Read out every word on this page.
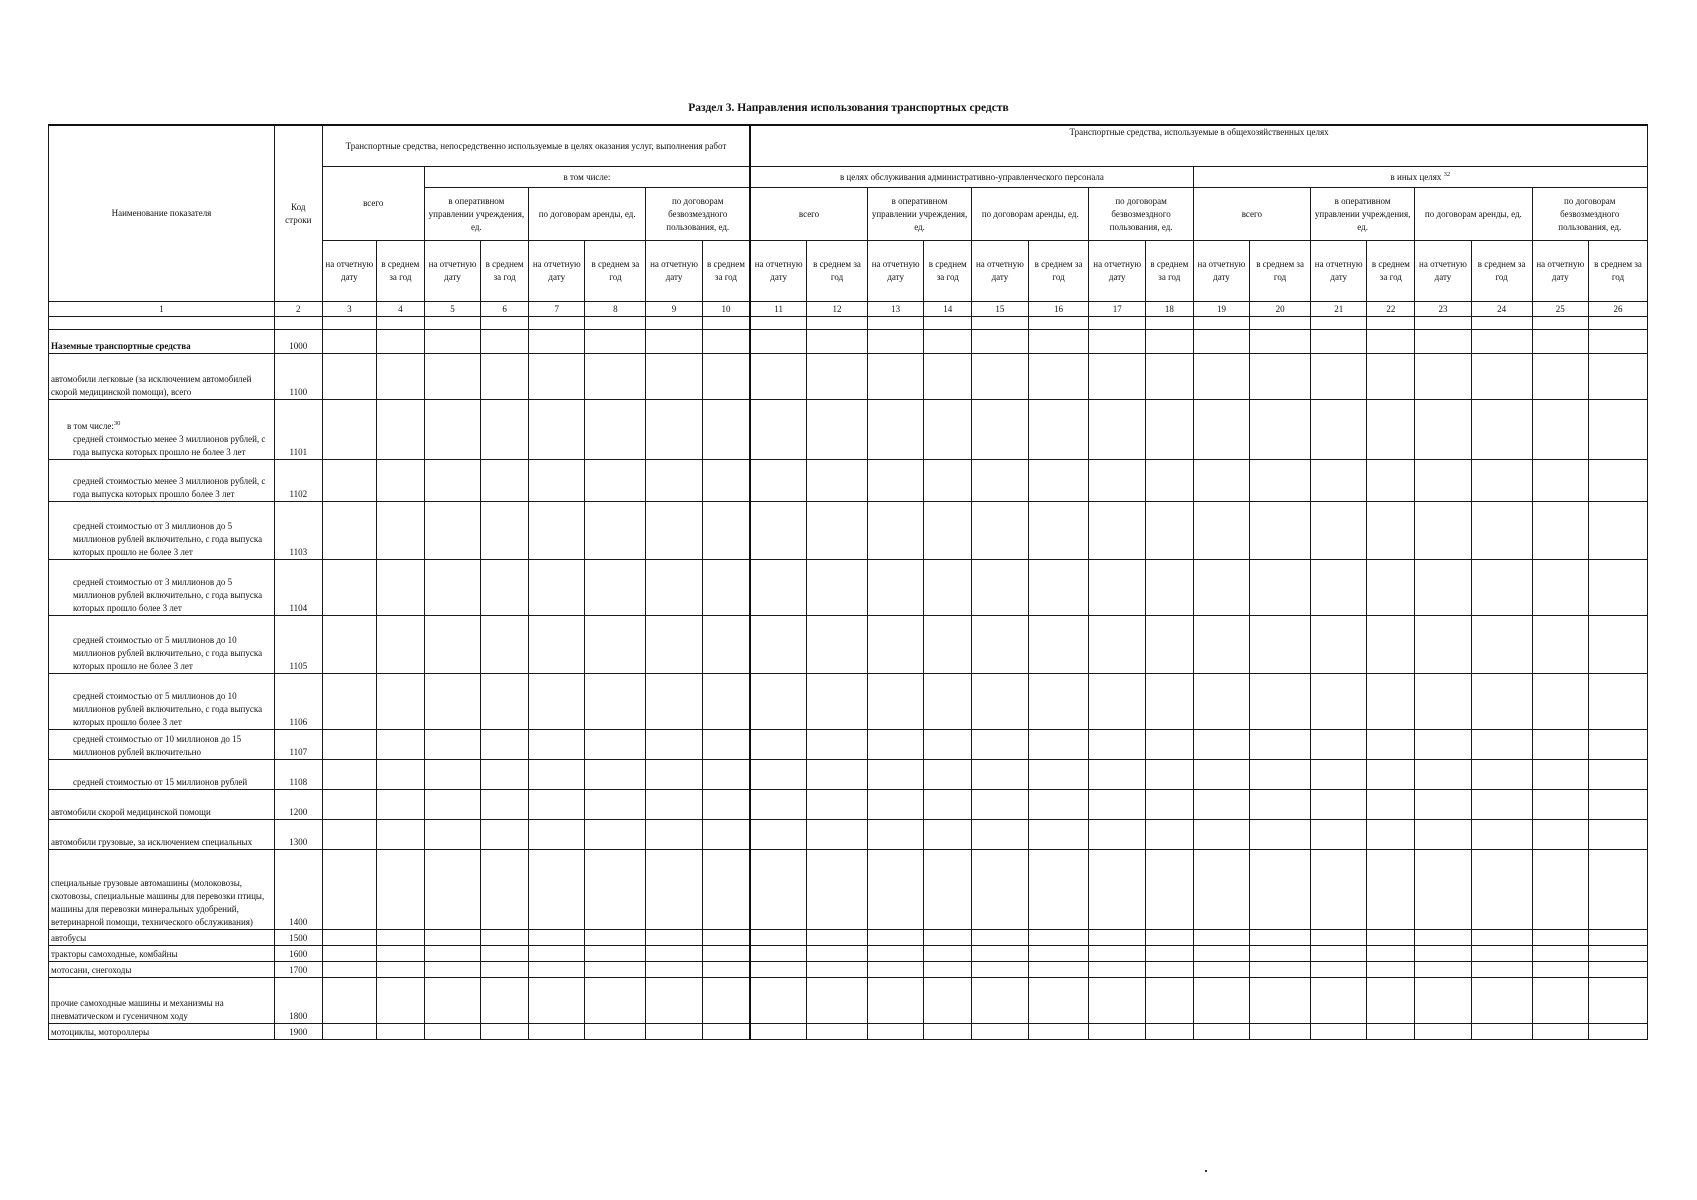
Раздел 3. Направления использования транспортных средств
Наименование показателя	Код строки	Транспортные средства, непосредственно используемые в целях оказания услуг, выполнения работ								Транспортные средства, используемые в общехозяйственных целях															
		всего		в том числе:						в целях обслуживания административно-управленческого персонала								в иных целях $^{32}$
				в оперативном управлении учреждения, ед.		по договорам аренды, ед.		по договорам безвозмездного пользования, ед.		всего		в оперативном управлении учреждения, ед.		по договорам аренды, ед.		по договорам безвозмездного пользования, ед.		всего		в оперативном управлении учреждения, ед.		по договорам аренды, ед.		по договорам безвозмездного пользования, ед.	
		на отчетную дату	в среднем за год	на отчетную дату	в среднем за год	на отчетную дату	в среднем за год	на отчетную дату	в среднем за год	на отчетную дату	в среднем за год	на отчетную дату	в среднем за год	на отчетную дату	в среднем за год	на отчетную дату	в среднем за год	на отчетную дату	в среднем за год	на отчетную дату	в среднем за год	на отчетную дату	в среднем за год	на отчетную дату	в среднем за год
1	2	3	4	5	6	7	8	9	10	11	12	13	14	15	16	17	18	19	20	21	22	23	24	25	26

Наземные транспортные средства	1000																								
автомобили легковые (за исключением автомобилей скорой медицинской помощи), всего	1100																								

в том числе:$^{30}$
средней стоимостью менее 3 миллионов рублей, с года выпуска которых прошло не более 3 лет	1101																								
средней стоимостью менее 3 миллионов рублей, с года выпуска которых прошло более 3 лет	1102																								
средней стоимостью от 3 миллионов до 5 миллионов рублей включительно, с года выпуска которых прошло не более 3 лет	1103																								
средней стоимостью от 3 миллионов до 5 миллионов рублей включительно, с года выпуска которых прошло более 3 лет	1104																								
средней стоимостью от 5 миллионов до 10 миллионов рублей включительно, с года выпуска которых прошло не более 3 лет	1105																								
средней стоимостью от 5 миллионов до 10 миллионов рублей включительно, с года выпуска которых прошло более 3 лет	1106																								
средней стоимостью от 10 миллионов до 15 миллионов рублей включительно	1107																								
средней стоимостью от 15 миллионов рублей	1108																								
автомобили скорой медицинской помощи	1200																								
автомобили грузовые, за исключением специальных	1300																								
специальные грузовые автомашины (молоковозы, скотовозы, специальные машины для перевозки птицы, машины для перевозки минеральных удобрений, ветеринарной помощи, технического обслуживания)	1400																								
автобусы	1500																								
тракторы самоходные, комбайны	1600																								
мотосани, снегоходы	1700																								
прочие самоходные машины и механизмы на пневматическом и гусеничном ходу	1800																								
мотоциклы, мотороллеры	1900																								
